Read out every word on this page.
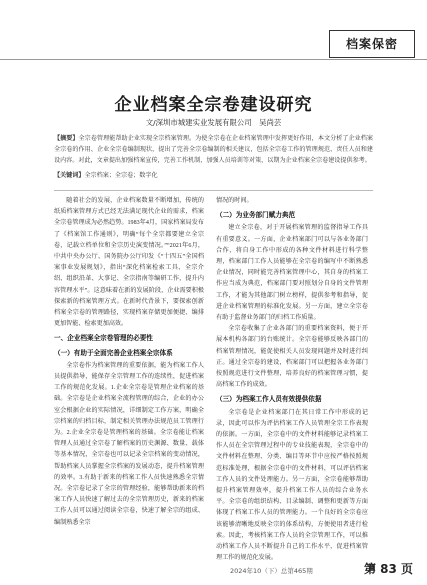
档案保密
企业档案全宗卷建设研究
文/深圳市城建实业发展有限公司　吴尚芸
【摘要】全宗卷管理能帮助企业实现全宗档案管理。为使全宗卷在企业档案管理中发挥更好作用，本文分析了企业档案全宗卷的作用、企业全宗卷编制现状，提出了完善全宗卷编制的相关建议，包括全宗卷工作的管理规范、责任人员和建设内容。对此，文章提出加强档案宣传，完善工作机制，加强人员培训等对策，以期为企业档案全宗卷建设提供参考。
【关键词】全宗档案；全宗卷；数字化

随着社会的发展，企业档案数量不断增加，传统的纸质档案管理方式已经无法满足现代企业的需求，档案全宗卷管理成为必然趋势。1983年4月，国家档案局发布了《档案馆工作通则》，明确“每个全宗都要建立全宗卷，记载立档单位和全宗历史演变情况。”“2021年6月，中共中央办公厅、国务院办公厅印发《“十四五”全国档案事业发展规划》，指出“深化档案检索工具、全宗介绍、组织沿革、大事记、全宗指南等编研工作，提升内容管理水平”。这意味着在新的发展阶段，企业需要积极探索新的档案管理方式。在新时代背景下，要探索创新档案全宗卷的管理路径，实现档案存储更加便捷、编排更加智能、检索更加高效。

一、企业档案全宗卷管理的必要性

（一）有助于全面完善企业档案全宗体系

全宗卷作为档案管理的重要依据，能为档案工作人员提供指导，能保存全宗管理工作的连续性，促进档案工作的规范化发展。1.企业全宗卷是管理企业档案的基础。全宗卷是企业档案全流程管理的综合，企业的办公室会根据企业的实际情况，详细制定工作方案，明确全宗档案的归档目标，制定相关管理办法规范员工管理行为。2.企业全宗卷是管理档案的基础。全宗卷能让档案管理人员通过全宗卷了解档案的历史渊源、数量、载体等基本情况，全宗卷也可以记录全宗档案的变动情况，帮助档案人员掌握全宗档案的发展动态，提升档案管理的效率。3.有助于新来的档案工作人员快速熟悉全宗情况。全宗卷记录了全宗的管理经验，能够帮助新来的档案工作人员快速了解过去的全宗管理历史，新来的档案工作人员可以通过阅读全宗卷，快速了解全宗的组成、编制熟悉全宗

情况的时间。

（二）为业务部门赋力典范

建立全宗卷，对于开展档案管理的监督指导工作具有重要意义。一方面，企业档案部门可以与各业务部门合作，将自身工作中形成的各种文件材料进行科学整理，档案部门工作人员能够在全宗卷的编写中不断熟悉企业情况，同时能完善档案管理中心，其自身的档案工作应当成为典范，档案部门要对照划分自身的文件管理工作，才能为其他部门树立榜样，提供参考和指导，促进企业档案管理的标准化发展。另一方面，建立全宗卷有助于监督业务部门的归档工作质量。

全宗卷收集了企业各部门的重要档案资料，便于开展本机构各部门的台账统计。全宗卷能够反映各部门的档案管理情况，能促使相关人员发现问题并及时进行纠正。通过全宗卷的建设，档案部门可以把握各业务部门按照规范进行文件整理，培养良好的档案管理习惯，提高档案工作的成效。

（三）为档案工作人员有效提供依据

全宗卷是企业档案部门在其日常工作中形成的记录，因此可以作为评估档案工作人员管理全宗工作表现的依据。一方面，全宗卷中的文件材料能够记录档案工作人员在全宗管理过程中的专业技能表现，全宗卷中的文件材料在整理、分类、编目等环节中应按严格按照规范标准处理，根据全宗卷中的文件材料，可以评估档案工作人员的文件处理能力。另一方面，全宗卷能够帮助提升档案管理效率，提升档案工作人员的综合业务水平。全宗卷的组织结构、目录编制、调整和更新等方面体现了档案工作人员的管理能力。一个良好的全宗卷应该能够清晰地反映全宗的体系结构，方便使用者进行检索。因此，考核档案工作人员的全宗管理工作，可以推动档案工作人员不断提升自己的工作水平，促进档案管理工作的规范化发展。

2024年10（下）总第465期	第 83 页
